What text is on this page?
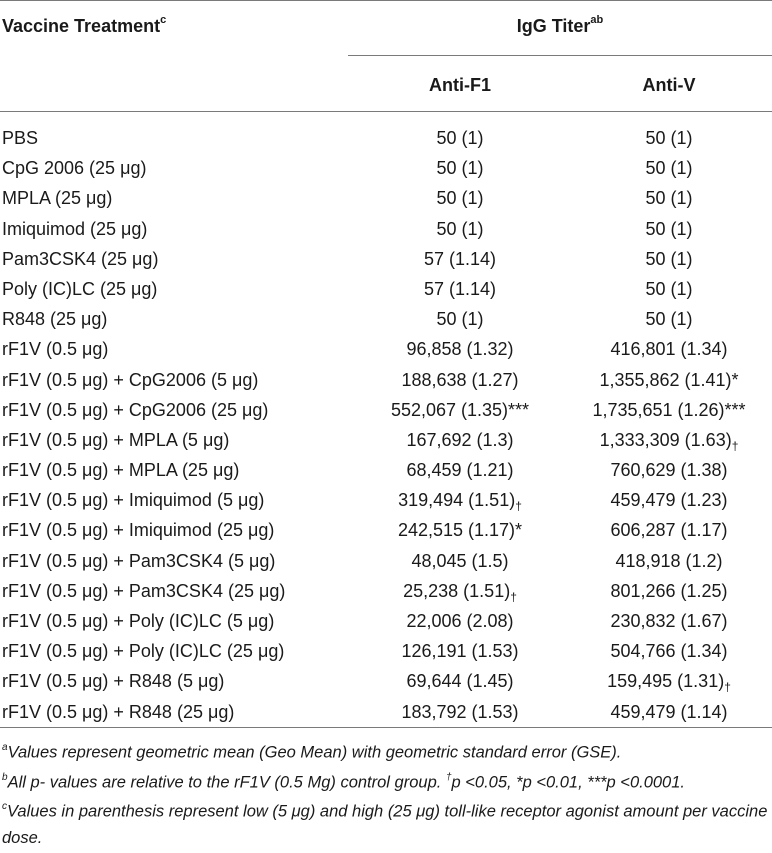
Vaccine Treatment$^c$	IgG Titer$^{ab}$
Anti-F1	Anti-V
PBS	50 (1)	50 (1)
CpG 2006 (25 μg)	50 (1)	50 (1)
MPLA (25 μg)	50 (1)	50 (1)
Imiquimod (25 μg)	50 (1)	50 (1)
Pam3CSK4 (25 μg)	57 (1.14)	50 (1)
Poly (IC)LC (25 μg)	57 (1.14)	50 (1)
R848 (25 μg)	50 (1)	50 (1)
rF1V (0.5 μg)	96,858 (1.32)	416,801 (1.34)
rF1V (0.5 μg) + CpG2006 (5 μg)	188,638 (1.27)	1,355,862 (1.41)*
rF1V (0.5 μg) + CpG2006 (25 μg)	552,067 (1.35)***	1,735,651 (1.26)***
rF1V (0.5 μg) + MPLA (5 μg)	167,692 (1.3)	1,333,309 $(1.63)_\dagger$
rF1V (0.5 μg) + MPLA (25 μg)	68,459 (1.21)	760,629 (1.38)
rF1V (0.5 μg) + Imiquimod (5 μg)	319,494 $(1.51)_\dagger$	459,479 (1.23)
rF1V (0.5 μg) + Imiquimod (25 μg)	242,515 (1.17)*	606,287 (1.17)
rF1V (0.5 μg) + Pam3CSK4 (5 μg)	48,045 (1.5)	418,918 (1.2)
rF1V (0.5 μg) + Pam3CSK4 (25 μg)	25,238 $(1.51)_\dagger$	801,266 (1.25)
rF1V (0.5 μg) + Poly (IC)LC (5 μg)	22,006 (2.08)	230,832 (1.67)
rF1V (0.5 μg) + Poly (IC)LC (25 μg)	126,191 (1.53)	504,766 (1.34)
rF1V (0.5 μg) + R848 (5 μg)	69,644 (1.45)	159,495 $(1.31)_\dagger$
rF1V (0.5 μg) + R848 (25 μg)	183,792 (1.53)	459,479 (1.14)
$^a$Values represent geometric mean (Geo Mean) with geometric standard error (GSE).
$^b$All p- values are relative to the rF1V (0.5 Mg) control group. †p <0.05, *p <0.01, ***p <0.0001.
$^c$Values in parenthesis represent low (5 μg) and high (25 μg) toll-like receptor agonist amount per vaccine dose.
